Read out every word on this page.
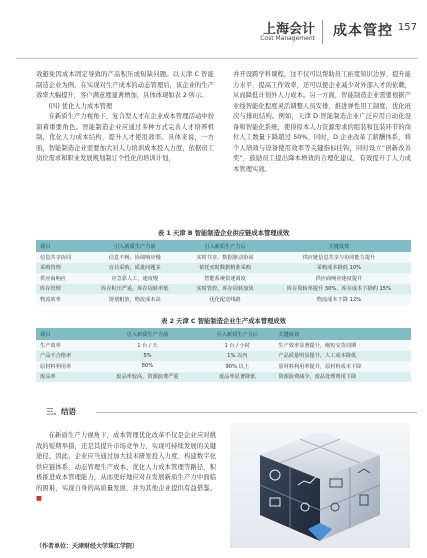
上海会计
Cost Management 成本管控 157

效避免因成本固定导致的产品积压或短缺问题。以天津 C 智能制造企业为例，在实现对生产成本的动态管理后，该企业的生产效率大幅提升，客户满意度显著增加，具体体现如表 2 所示。

(四) 优化人力成本管理

在新质生产力视角下，复合型人才在企业成本管理活动中扮演着重要角色。智能制造企业应通过多种方式完善人才培养机制，优化人力成本结构，提升人才使用效率。具体来说，一方面，智能制造企业需要加大对人力培训成本投入力度，依据员工岗位需求和职业发展规划制订个性化的培训计划，

并开设跨学科课程，这不仅可以帮助员工拓宽知识边界、提升能力水平，提高工作效率，还可以使企业减少对外部人才的依赖，从而降低计划外人力成本。另一方面，智能制造企业需要根据产业线智能化程度灵活调整人员安排，推进弹性用工制度，优化班次与排班结构。例如，天津 D 智能制造企业广泛应用自动化设备和智能化系统，使得原本人力资源需求的组装和包装环节的岗位人工数量下降超过 50%。同时，D 企业改革了薪酬体系，将个人绩效与设备使用效率等关键指标挂钩，同时设立“创新改善奖”，鼓励员工提出降本增效的合理化建议，有效提升了人力成本管理实效。

表 1 天津 B 智能制造企业供应链成本管理成效
项目	引入新质生产力前	引入新质生产力后	关键成效
信息共享协同	信息不畅，协调响应慢	实时共享，数据驱动协同	供应链信息共享与协同能力提升
采购管理	盲目采购，质量问题多	依托实时数据精准采购	采购成本降低 10%
供应商响应	应急靠人工，速度慢	智能系统快速调度	供应商响应速度提升
库存管理	库存积压严重，库存周转率低	实时管控，库存周转加快	库存周转率提升 30%，库存成本下降约 15%
物流效率	规划粗放，物流成本高	优化配送线路	物流成本下降 12%
表 2 天津 C 智能制造企业生产成本管理成效
项目	引入新质生产力前	引入新质生产力后	关键成效
生产效率	1 台 / 天	1 台 / 小时	生产效率显著提升，缩短交货周期
产品不合格率	5%	1% 以内	产品质量明显提升，人工成本降低
原材料利用率	80%	90% 以上	原材料利用率提升，原材料成本下降
废品率	废品率较高，资源浪费严重	废品率显著降低	资源浪费减少，废品处理费用下降
三、结语

在新质生产力视角下，成本管理优化改革不仅是企业应对挑战的短期举措，还是其提升市场竞争力，实现可持续发展的关键途径。因此，企业应当通过加大技术研发投入力度、构建数字化供应链体系、动态管理生产成本、优化人力成本管理等路径，积极推进成本管理能力，从而更好地应对在发展新质生产力中面临的困难，实现自身的高质量发展，并为其他企业提供有益借鉴。■

（作者单位：天津财经大学珠江学院）
